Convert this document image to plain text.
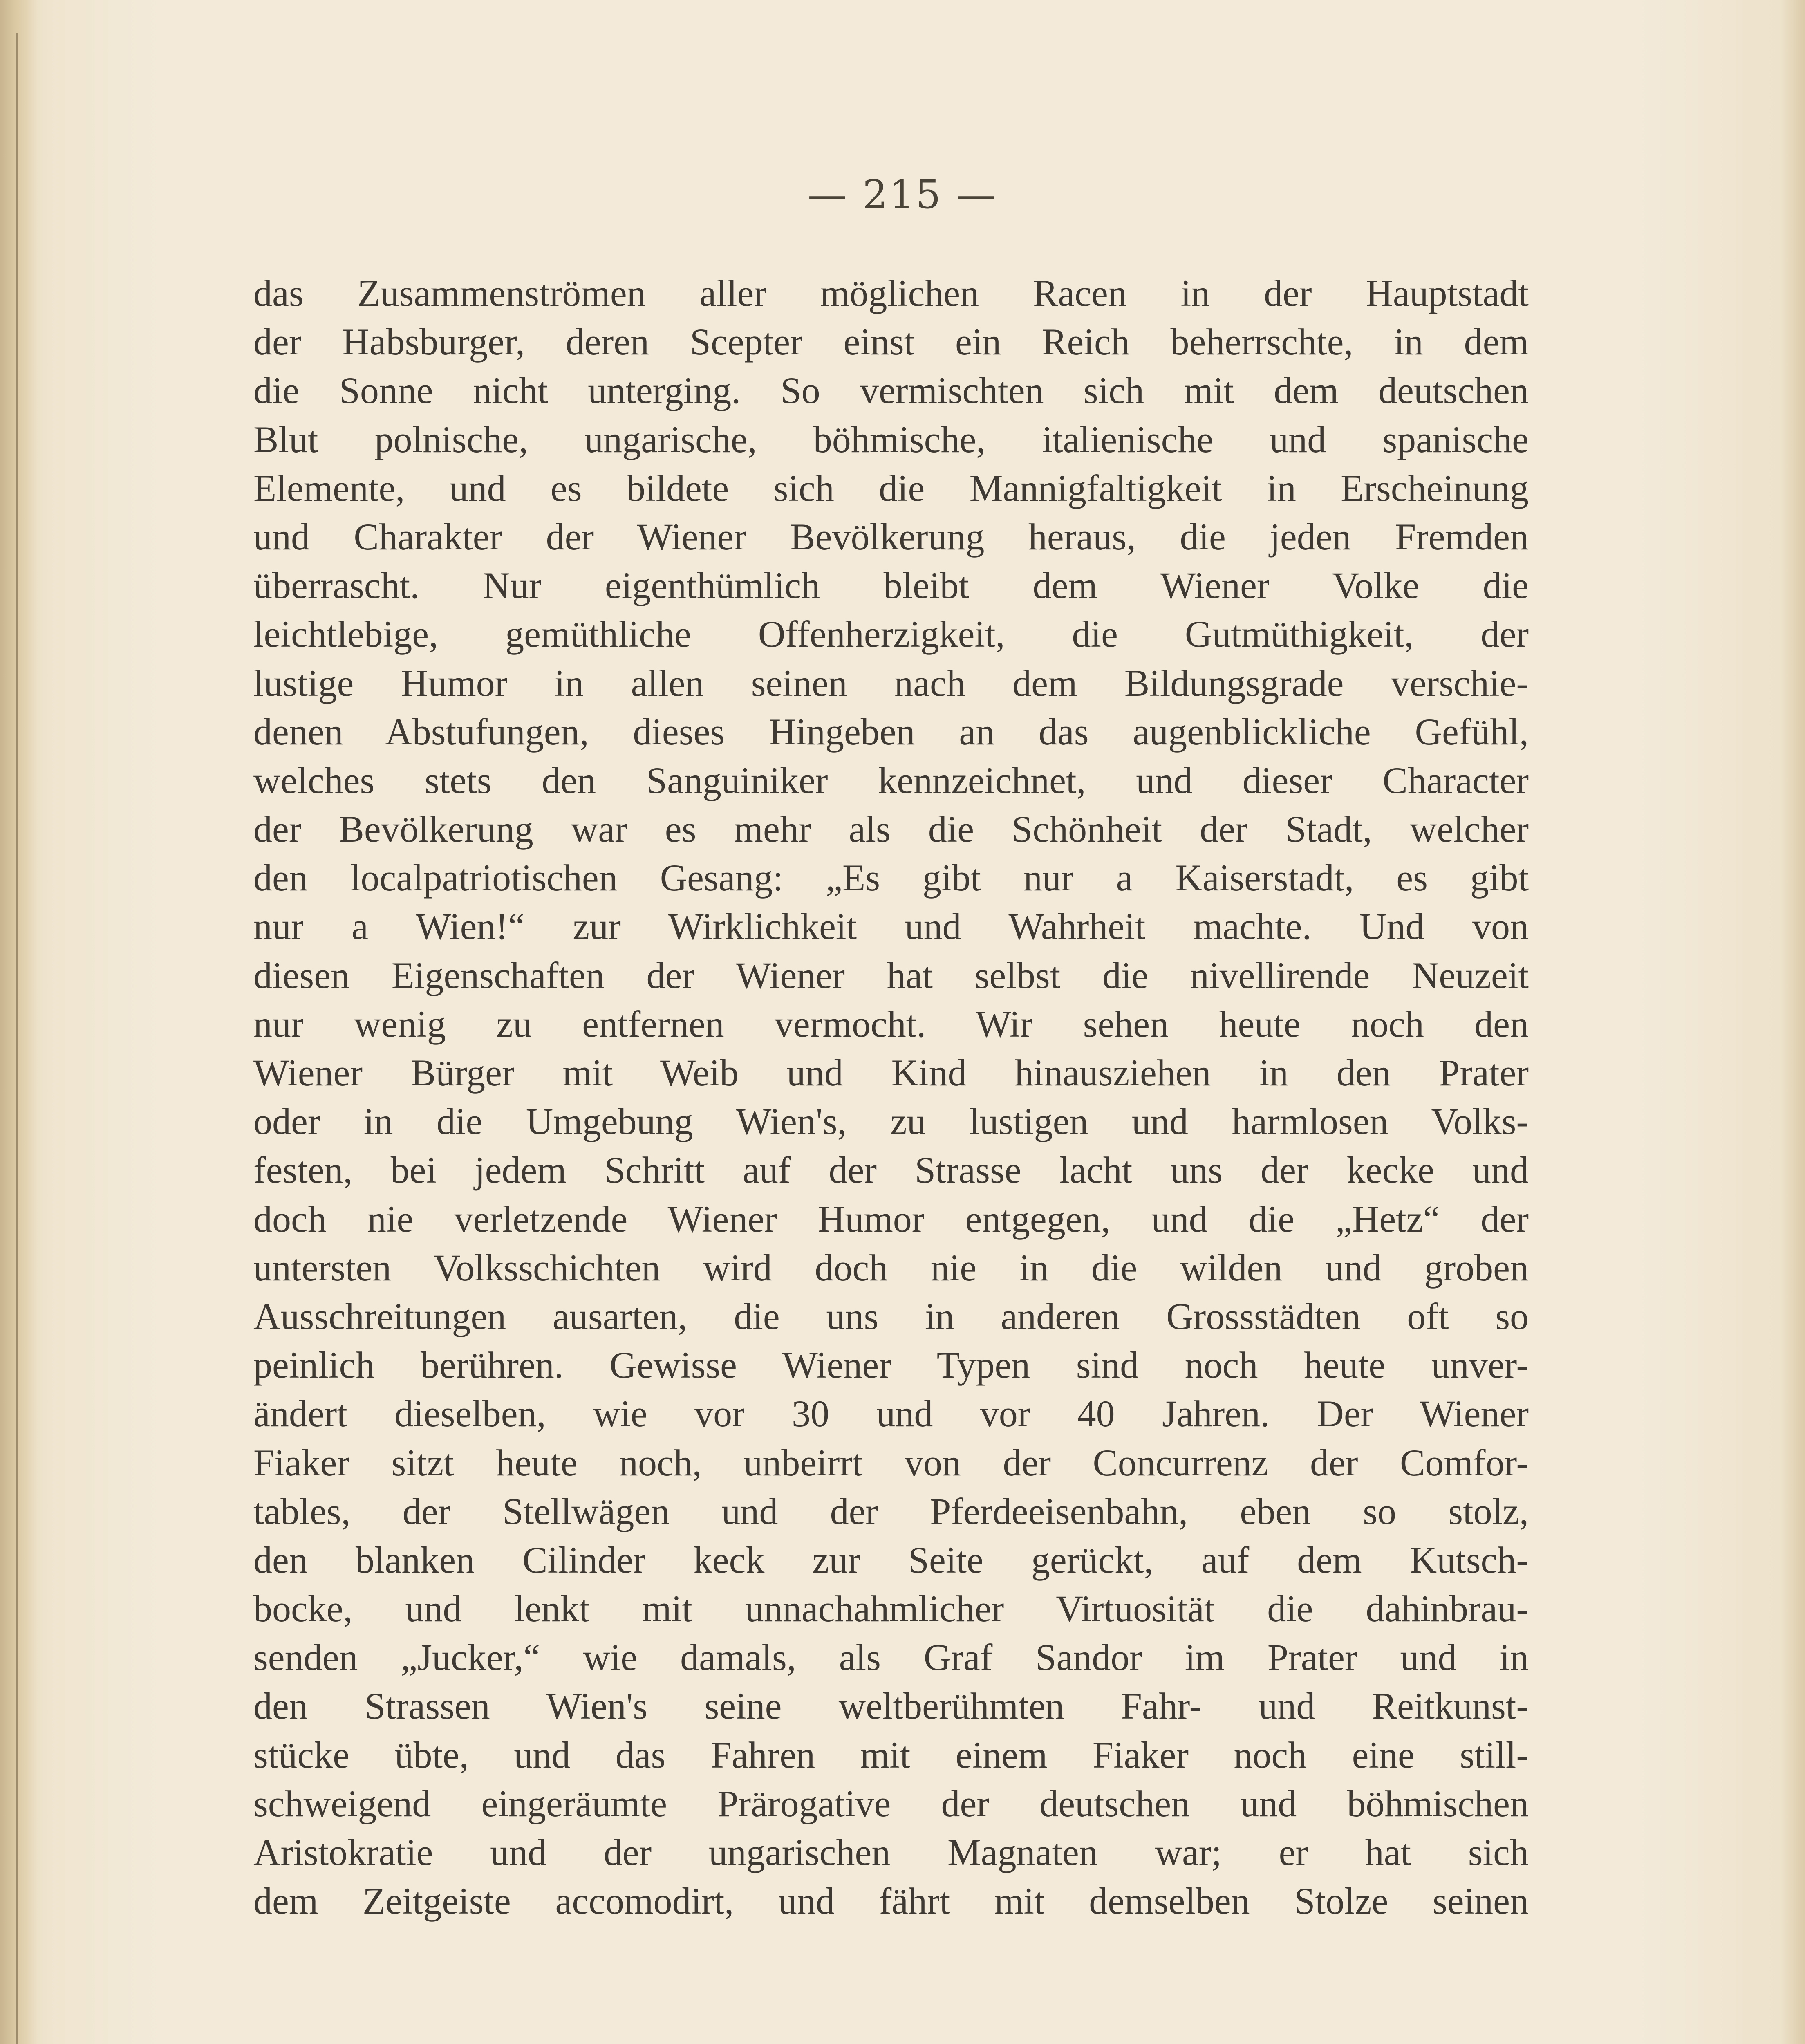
— 215 —
das Zusammenströmen aller möglichen Racen in der Hauptstadt
der Habsburger, deren Scepter einst ein Reich beherrschte, in dem
die Sonne nicht unterging. So vermischten sich mit dem deutschen
Blut polnische, ungarische, böhmische, italienische und spanische
Elemente, und es bildete sich die Mannigfaltigkeit in Erscheinung
und Charakter der Wiener Bevölkerung heraus, die jeden Fremden
überrascht. Nur eigenthümlich bleibt dem Wiener Volke die
leichtlebige, gemüthliche Offenherzigkeit, die Gutmüthigkeit, der
lustige Humor in allen seinen nach dem Bildungsgrade verschie-
denen Abstufungen, dieses Hingeben an das augenblickliche Gefühl,
welches stets den Sanguiniker kennzeichnet, und dieser Character
der Bevölkerung war es mehr als die Schönheit der Stadt, welcher
den localpatriotischen Gesang: „Es gibt nur a Kaiserstadt, es gibt
nur a Wien!“ zur Wirklichkeit und Wahrheit machte. Und von
diesen Eigenschaften der Wiener hat selbst die nivellirende Neuzeit
nur wenig zu entfernen vermocht. Wir sehen heute noch den
Wiener Bürger mit Weib und Kind hinausziehen in den Prater
oder in die Umgebung Wien's, zu lustigen und harmlosen Volks-
festen, bei jedem Schritt auf der Strasse lacht uns der kecke und
doch nie verletzende Wiener Humor entgegen, und die „Hetz“ der
untersten Volksschichten wird doch nie in die wilden und groben
Ausschreitungen ausarten, die uns in anderen Grossstädten oft so
peinlich berühren. Gewisse Wiener Typen sind noch heute unver-
ändert dieselben, wie vor 30 und vor 40 Jahren. Der Wiener
Fiaker sitzt heute noch, unbeirrt von der Concurrenz der Comfor-
tables, der Stellwägen und der Pferdeeisenbahn, eben so stolz,
den blanken Cilinder keck zur Seite gerückt, auf dem Kutsch-
bocke, und lenkt mit unnachahmlicher Virtuosität die dahinbrau-
senden „Jucker,“ wie damals, als Graf Sandor im Prater und in
den Strassen Wien's seine weltberühmten Fahr- und Reitkunst-
stücke übte, und das Fahren mit einem Fiaker noch eine still-
schweigend eingeräumte Prärogative der deutschen und böhmischen
Aristokratie und der ungarischen Magnaten war; er hat sich
dem Zeitgeiste accomodirt, und fährt mit demselben Stolze seinen
